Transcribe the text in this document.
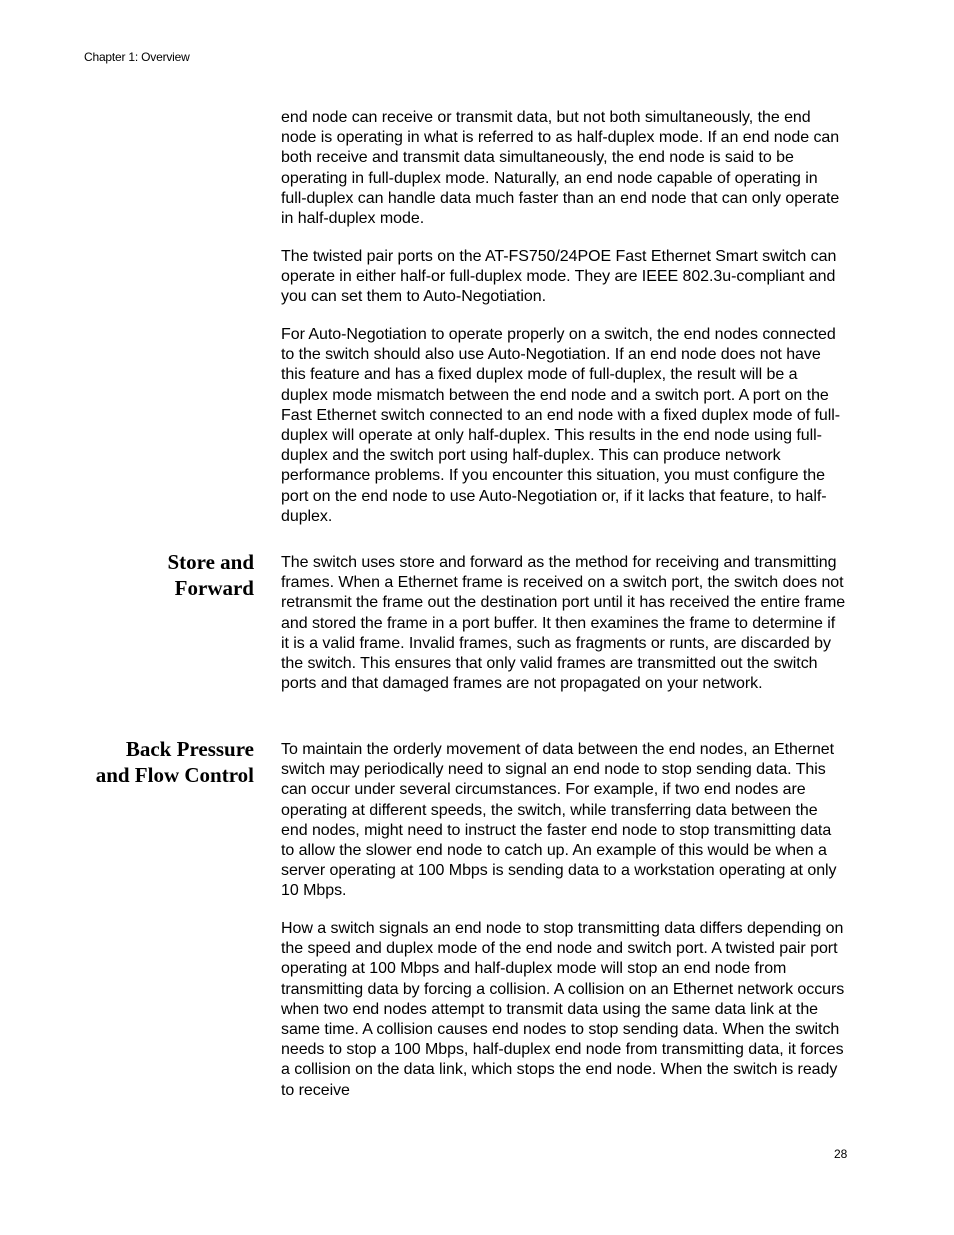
Chapter 1: Overview

end node can receive or transmit data, but not both simultaneously, the end node is operating in what is referred to as half-duplex mode. If an end node can both receive and transmit data simultaneously, the end node is said to be operating in full-duplex mode. Naturally, an end node capable of operating in full-duplex can handle data much faster than an end node that can only operate in half-duplex mode.

The twisted pair ports on the AT-FS750/24POE Fast Ethernet Smart switch can operate in either half-or full-duplex mode. They are IEEE 802.3u-compliant and you can set them to Auto-Negotiation.

For Auto-Negotiation to operate properly on a switch, the end nodes connected to the switch should also use Auto-Negotiation. If an end node does not have this feature and has a fixed duplex mode of full-duplex, the result will be a duplex mode mismatch between the end node and a switch port. A port on the Fast Ethernet switch connected to an end node with a fixed duplex mode of full-duplex will operate at only half-duplex. This results in the end node using full-duplex and the switch port using half-duplex. This can produce network performance problems. If you encounter this situation, you must configure the port on the end node to use Auto-Negotiation or, if it lacks that feature, to half-duplex.

Store and
Forward

The switch uses store and forward as the method for receiving and transmitting frames. When a Ethernet frame is received on a switch port, the switch does not retransmit the frame out the destination port until it has received the entire frame and stored the frame in a port buffer. It then examines the frame to determine if it is a valid frame. Invalid frames, such as fragments or runts, are discarded by the switch. This ensures that only valid frames are transmitted out the switch ports and that damaged frames are not propagated on your network.

Back Pressure
and Flow Control

To maintain the orderly movement of data between the end nodes, an Ethernet switch may periodically need to signal an end node to stop sending data. This can occur under several circumstances. For example, if two end nodes are operating at different speeds, the switch, while transferring data between the end nodes, might need to instruct the faster end node to stop transmitting data to allow the slower end node to catch up. An example of this would be when a server operating at 100 Mbps is sending data to a workstation operating at only 10 Mbps.

How a switch signals an end node to stop transmitting data differs depending on the speed and duplex mode of the end node and switch port. A twisted pair port operating at 100 Mbps and half-duplex mode will stop an end node from transmitting data by forcing a collision. A collision on an Ethernet network occurs when two end nodes attempt to transmit data using the same data link at the same time. A collision causes end nodes to stop sending data. When the switch needs to stop a 100 Mbps, half-duplex end node from transmitting data, it forces a collision on the data link, which stops the end node. When the switch is ready to receive

28
